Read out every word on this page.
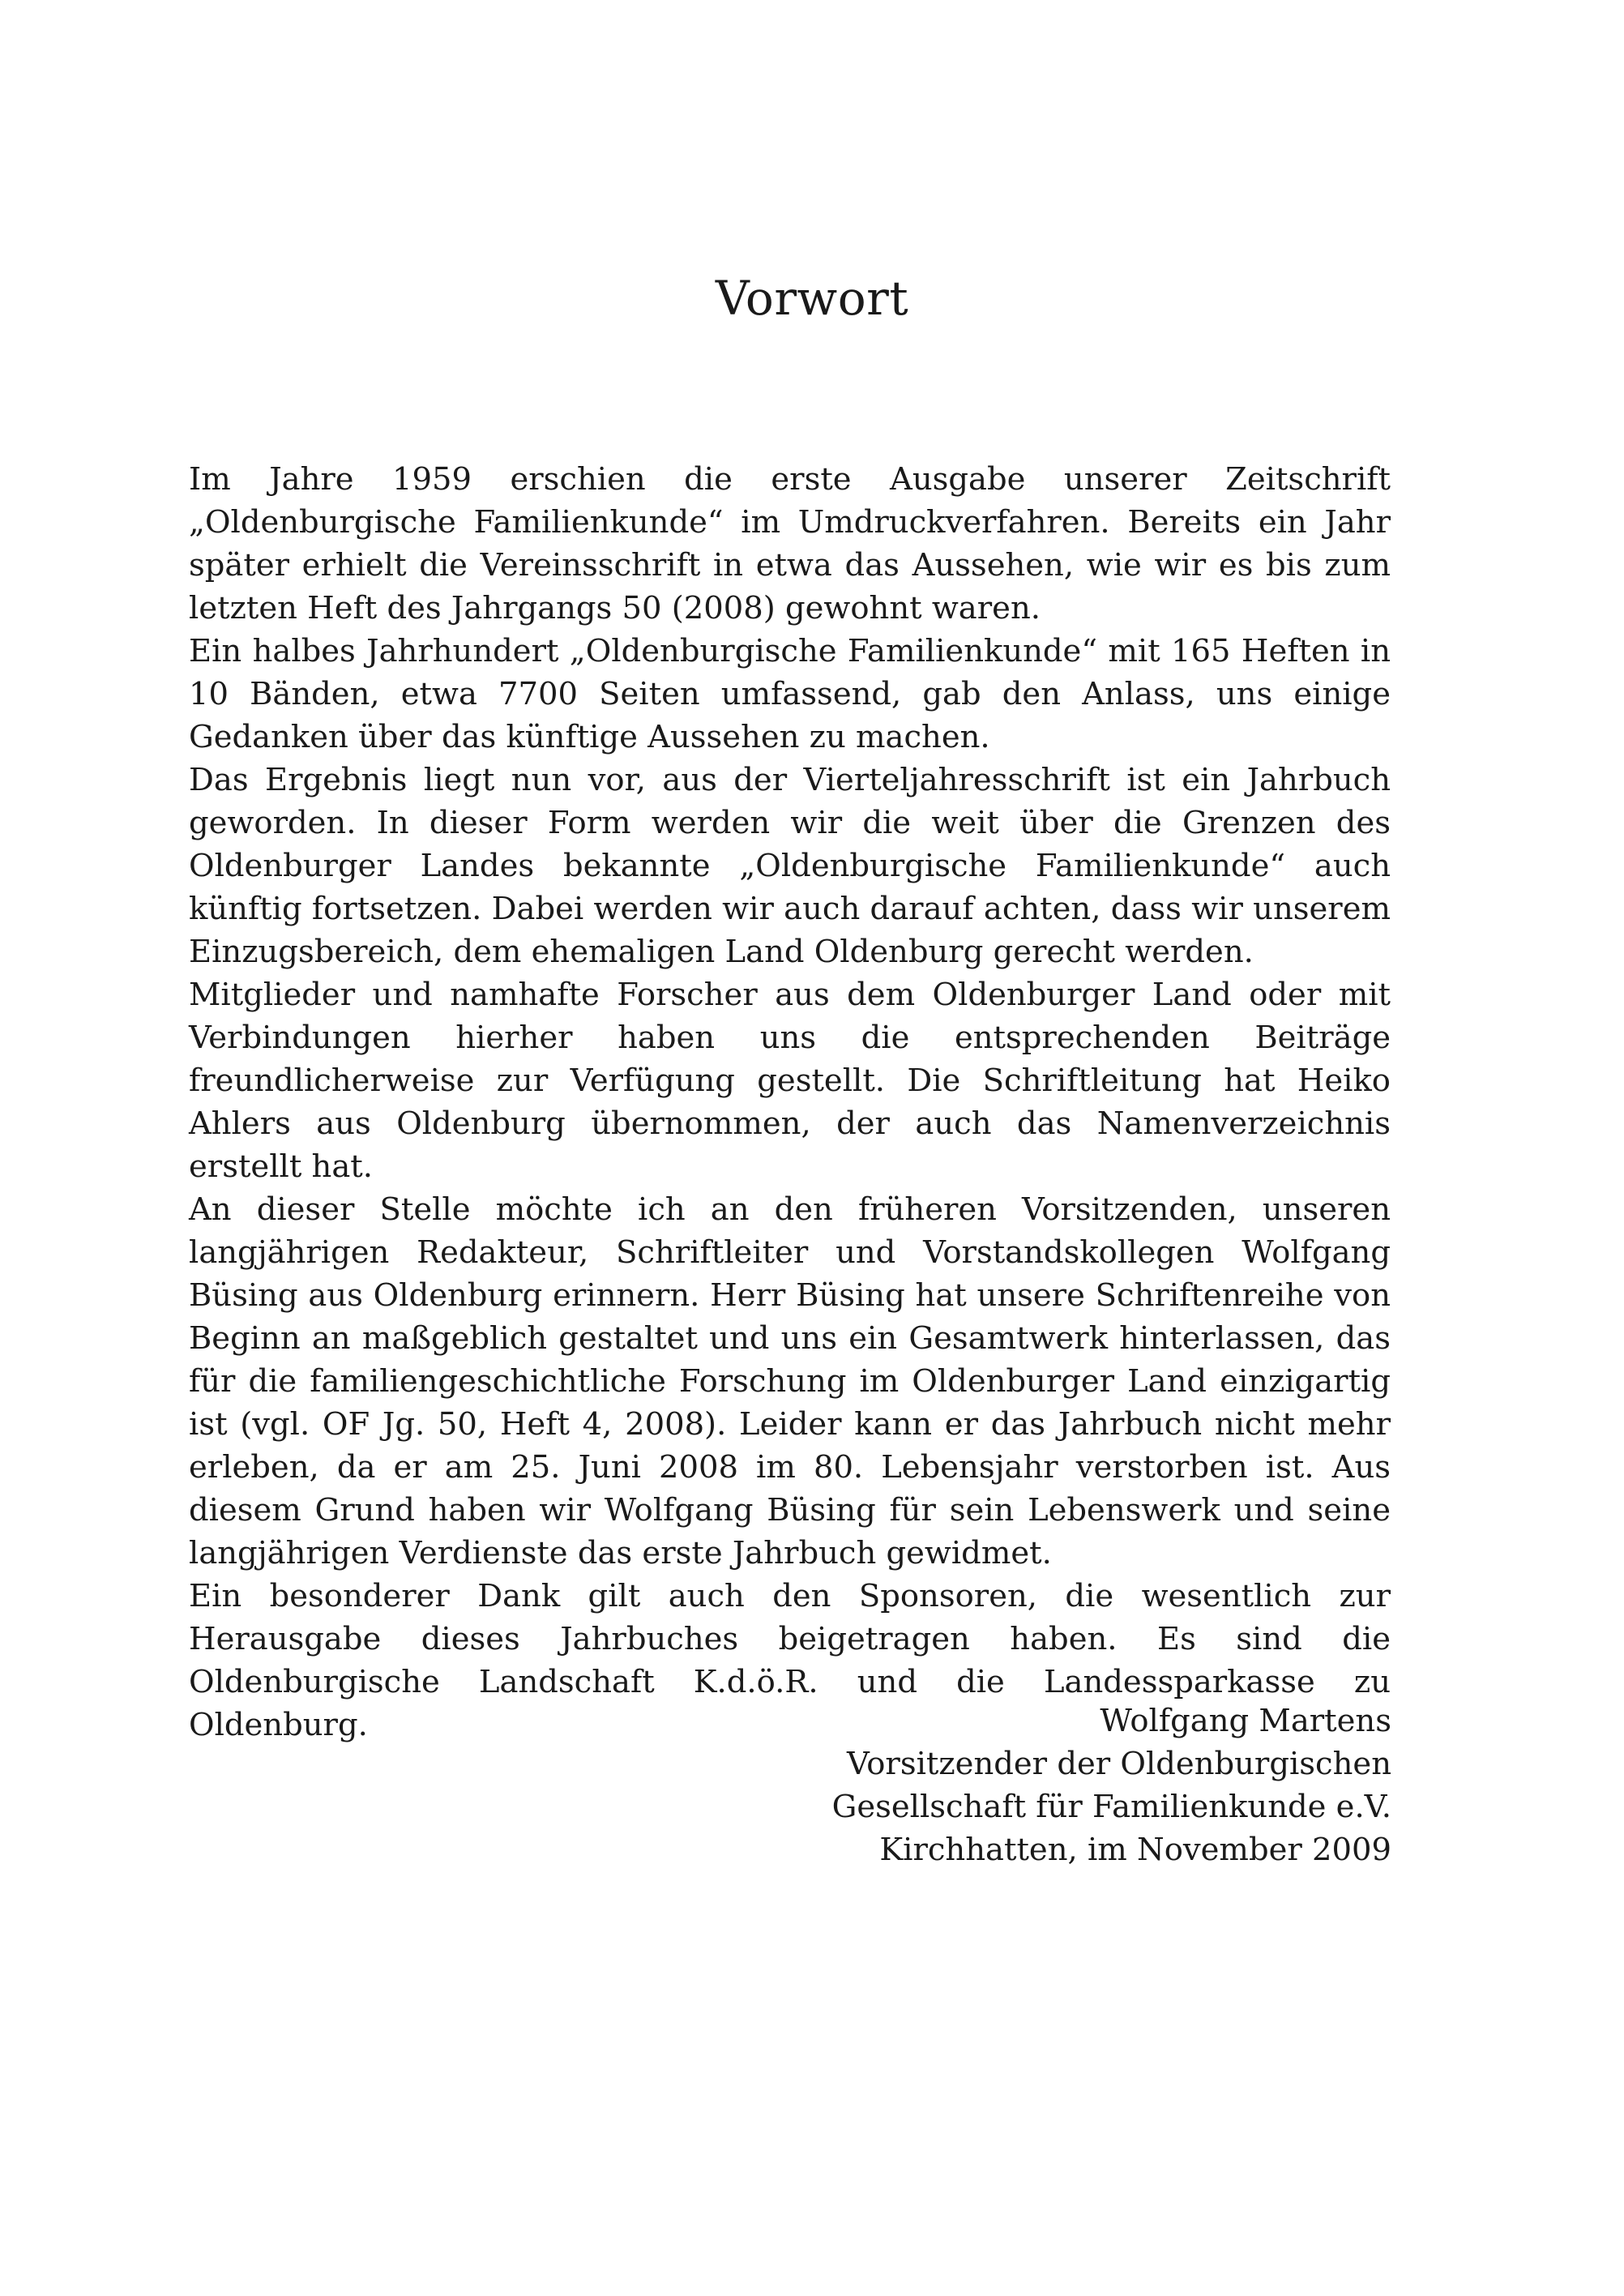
Vorwort

Im Jahre 1959 erschien die erste Ausgabe unserer Zeitschrift „Oldenburgische Familienkunde“ im Umdruckverfahren. Bereits ein Jahr später erhielt die Vereinsschrift in etwa das Aussehen, wie wir es bis zum letzten Heft des Jahrgangs 50 (2008) gewohnt waren.

Ein halbes Jahrhundert „Oldenburgische Familienkunde“ mit 165 Heften in 10 Bänden, etwa 7700 Seiten umfassend, gab den Anlass, uns einige Gedanken über das künftige Aussehen zu machen.

Das Ergebnis liegt nun vor, aus der Vierteljahresschrift ist ein Jahrbuch geworden. In dieser Form werden wir die weit über die Grenzen des Oldenburger Landes bekannte „Oldenburgische Familienkunde“ auch künftig fortsetzen. Dabei werden wir auch darauf achten, dass wir unserem Einzugsbereich, dem ehemaligen Land Oldenburg gerecht werden.

Mitglieder und namhafte Forscher aus dem Oldenburger Land oder mit Verbindungen hierher haben uns die entsprechenden Beiträge freundlicherweise zur Verfügung gestellt. Die Schriftleitung hat Heiko Ahlers aus Oldenburg übernommen, der auch das Namenverzeichnis erstellt hat.

An dieser Stelle möchte ich an den früheren Vorsitzenden, unseren langjährigen Redakteur, Schriftleiter und Vorstandskollegen Wolfgang Büsing aus Oldenburg erinnern. Herr Büsing hat unsere Schriftenreihe von Beginn an maßgeblich gestaltet und uns ein Gesamtwerk hinterlassen, das für die familiengeschichtliche Forschung im Oldenburger Land einzigartig ist (vgl. OF Jg. 50, Heft 4, 2008). Leider kann er das Jahrbuch nicht mehr erleben, da er am 25. Juni 2008 im 80. Lebensjahr verstorben ist. Aus diesem Grund haben wir Wolfgang Büsing für sein Lebenswerk und seine langjährigen Verdienste das erste Jahrbuch gewidmet.

Ein besonderer Dank gilt auch den Sponsoren, die wesentlich zur Herausgabe dieses Jahrbuches beigetragen haben. Es sind die Oldenburgische Landschaft K.d.ö.R. und die Landessparkasse zu Oldenburg.	Wolfgang Martens
Vorsitzender der Oldenburgischen
Gesellschaft für Familienkunde e.V.
Kirchhatten, im November 2009
